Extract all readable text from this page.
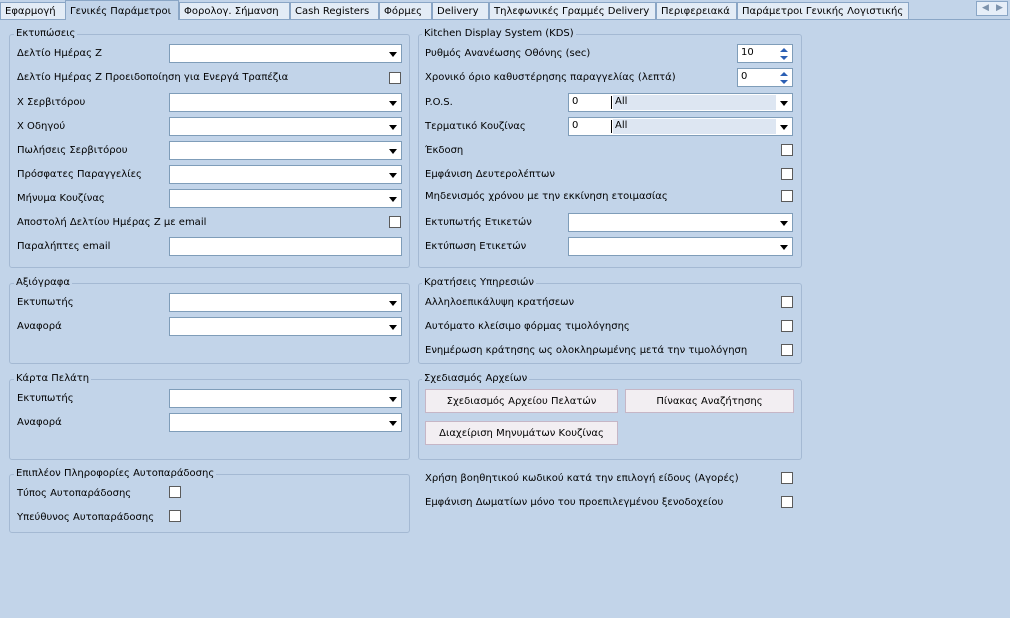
Εφαρμογή	Γενικές Παράμετροι	Φορολογ. Σήμανση	Cash Registers	Φόρμες	Delivery	Τηλεφωνικές Γραμμές Delivery	Περιφερειακά	Παράμετροι Γενικής Λογιστικής	◀ ▶
Εκτυπώσεις
Δελτίο Ημέρας Ζ
Δελτίο Ημέρας Ζ Προειδοποίηση για Ενεργά Τραπέζια
Χ Σερβιτόρου
Χ Οδηγού
Πωλήσεις Σερβιτόρου
Πρόσφατες Παραγγελίες
Μήνυμα Κουζίνας
Αποστολή Δελτίου Ημέρας Ζ με email
Παραλήπτες email
Αξιόγραφα
Εκτυπωτής
Αναφορά
Κάρτα Πελάτη
Εκτυπωτής
Αναφορά
Επιπλέον Πληροφορίες Αυτοπαράδοσης
Τύπος Αυτοπαράδοσης
Υπεύθυνος Αυτοπαράδοσης
Kitchen Display System (KDS)
Ρυθμός Ανανέωσης Οθόνης (sec)	10
Χρονικό όριο καθυστέρησης παραγγελίας (λεπτά)	0
P.O.S.	0	All
Τερματικό Κουζίνας	0	All
Έκδοση
Εμφάνιση Δευτερολέπτων
Μηδενισμός χρόνου με την εκκίνηση ετοιμασίας
Εκτυπωτής Ετικετών
Εκτύπωση Ετικετών
Κρατήσεις Υπηρεσιών
Αλληλοεπικάλυψη κρατήσεων
Αυτόματο κλείσιμο φόρμας τιμολόγησης
Ενημέρωση κράτησης ως ολοκληρωμένης μετά την τιμολόγηση
Σχεδιασμός Αρχείων
Σχεδιασμός Αρχείου Πελατών	Πίνακας Αναζήτησης
Διαχείριση Μηνυμάτων Κουζίνας
Χρήση βοηθητικού κωδικού κατά την επιλογή είδους (Αγορές)
Εμφάνιση Δωματίων μόνο του προεπιλεγμένου ξενοδοχείου
